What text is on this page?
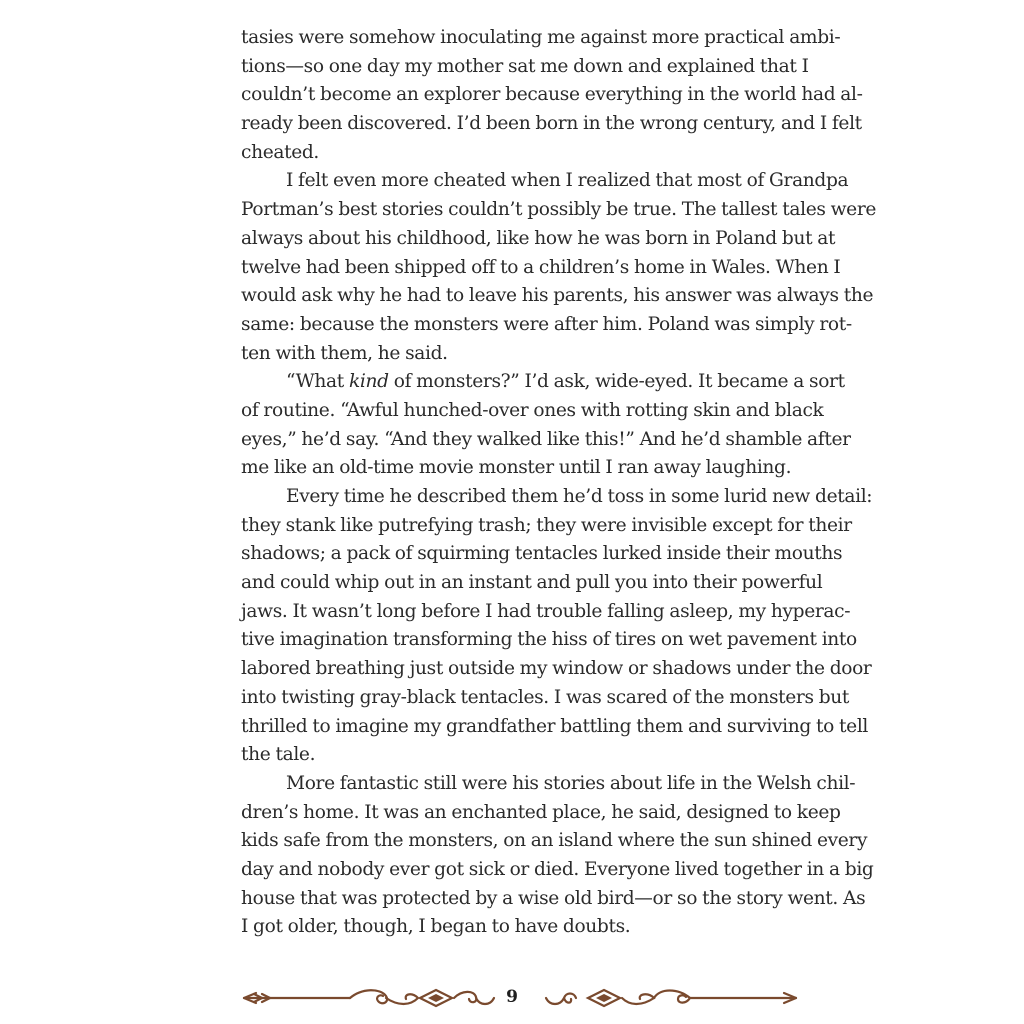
tasies were somehow inoculating me against more practical ambi-
tions—so one day my mother sat me down and explained that I
couldn’t become an explorer because everything in the world had al-
ready been discovered. I’d been born in the wrong century, and I felt
cheated.
I felt even more cheated when I realized that most of Grandpa
Portman’s best stories couldn’t possibly be true. The tallest tales were
always about his childhood, like how he was born in Poland but at
twelve had been shipped off to a children’s home in Wales. When I
would ask why he had to leave his parents, his answer was always the
same: because the monsters were after him. Poland was simply rot-
ten with them, he said.
“What kind of monsters?” I’d ask, wide-eyed. It became a sort
of routine. “Awful hunched-over ones with rotting skin and black
eyes,” he’d say. “And they walked like this!” And he’d shamble after
me like an old-time movie monster until I ran away laughing.
Every time he described them he’d toss in some lurid new detail:
they stank like putrefying trash; they were invisible except for their
shadows; a pack of squirming tentacles lurked inside their mouths
and could whip out in an instant and pull you into their powerful
jaws. It wasn’t long before I had trouble falling asleep, my hyperac-
tive imagination transforming the hiss of tires on wet pavement into
labored breathing just outside my window or shadows under the door
into twisting gray-black tentacles. I was scared of the monsters but
thrilled to imagine my grandfather battling them and surviving to tell
the tale.
More fantastic still were his stories about life in the Welsh chil-
dren’s home. It was an enchanted place, he said, designed to keep
kids safe from the monsters, on an island where the sun shined every
day and nobody ever got sick or died. Everyone lived together in a big
house that was protected by a wise old bird—or so the story went. As
I got older, though, I began to have doubts.
9
